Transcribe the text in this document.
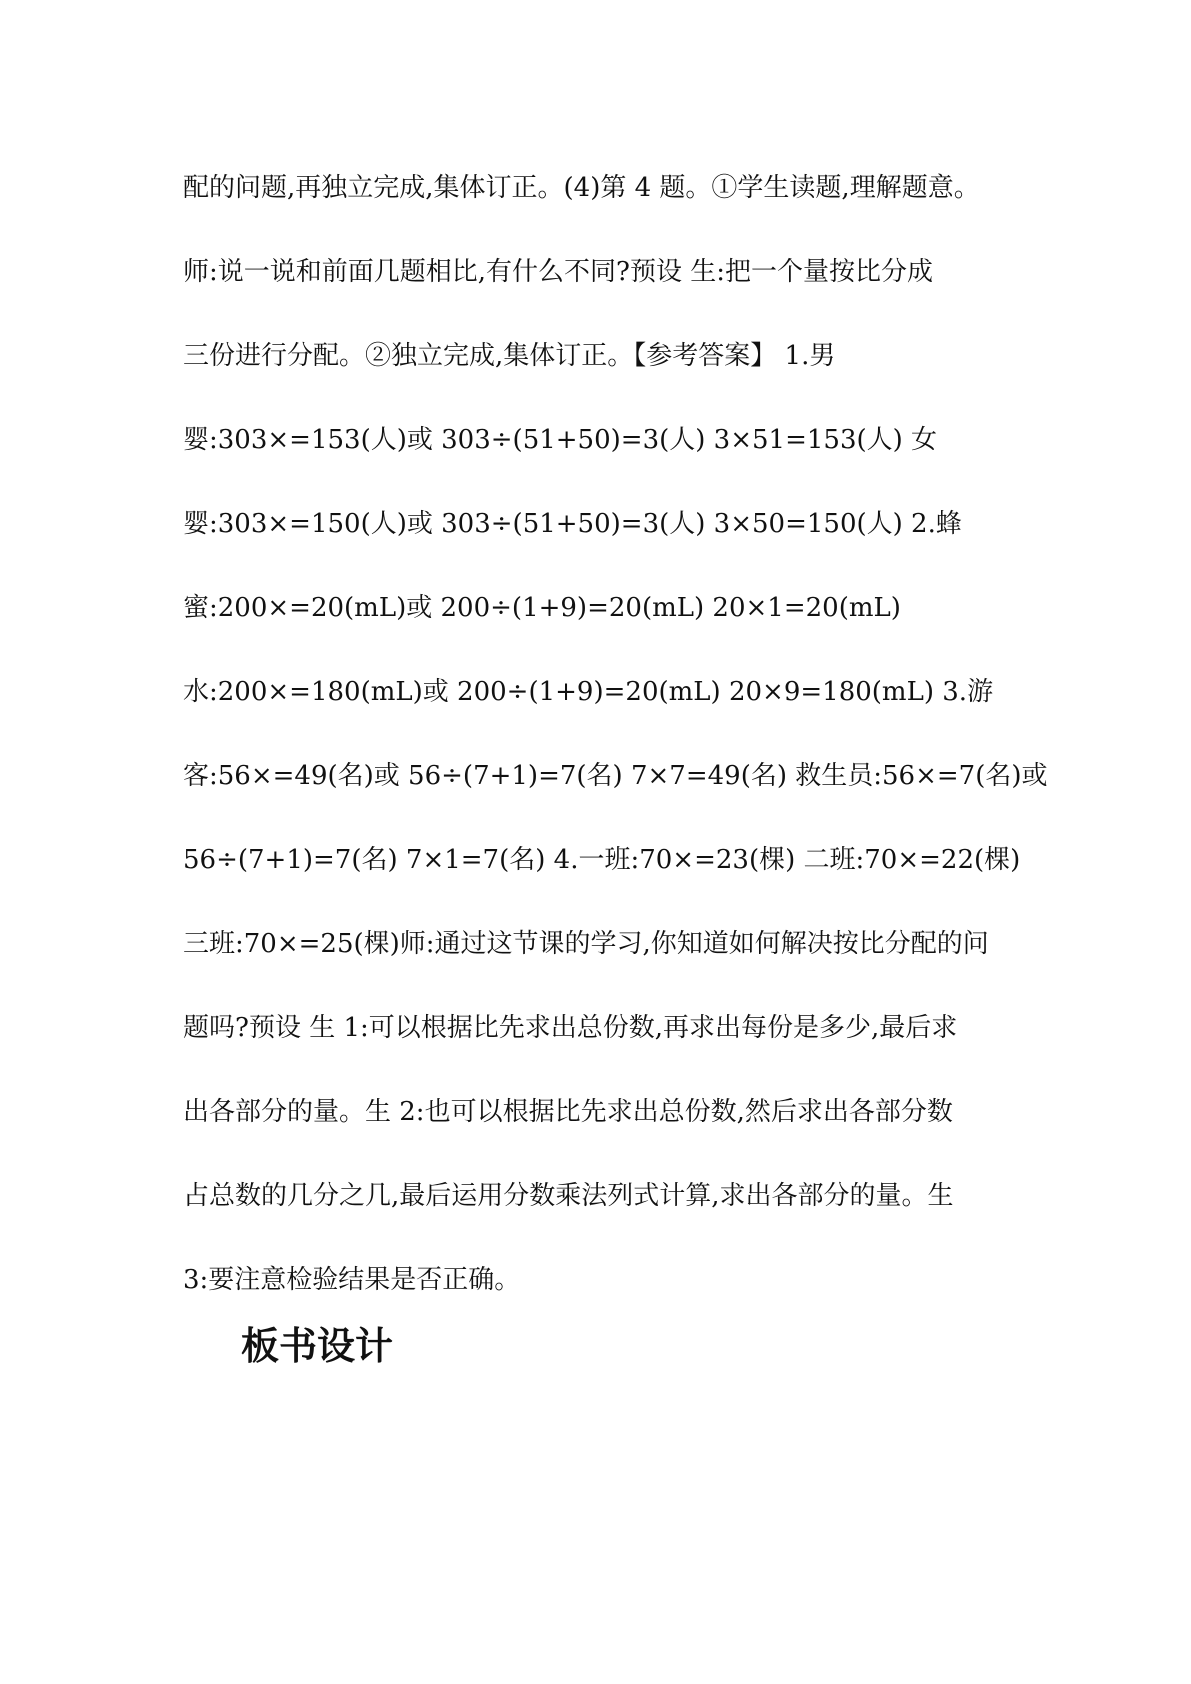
配的问题,再独立完成,集体订正。(4)第 4 题。①学生读题,理解题意。
师:说一说和前面几题相比,有什么不同?预设 生:把一个量按比分成
三份进行分配。②独立完成,集体订正。【参考答案】 1.男
婴:303×=153(人)或 303÷(51+50)=3(人) 3×51=153(人) 女
婴:303×=150(人)或 303÷(51+50)=3(人) 3×50=150(人) 2.蜂
蜜:200×=20(mL)或 200÷(1+9)=20(mL) 20×1=20(mL)
水:200×=180(mL)或 200÷(1+9)=20(mL) 20×9=180(mL) 3.游
客:56×=49(名)或 56÷(7+1)=7(名) 7×7=49(名) 救生员:56×=7(名)或
56÷(7+1)=7(名) 7×1=7(名) 4.一班:70×=23(棵) 二班:70×=22(棵)
三班:70×=25(棵)师:通过这节课的学习,你知道如何解决按比分配的问
题吗?预设 生 1:可以根据比先求出总份数,再求出每份是多少,最后求
出各部分的量。生 2:也可以根据比先求出总份数,然后求出各部分数
占总数的几分之几,最后运用分数乘法列式计算,求出各部分的量。生
3:要注意检验结果是否正确。
板书设计
